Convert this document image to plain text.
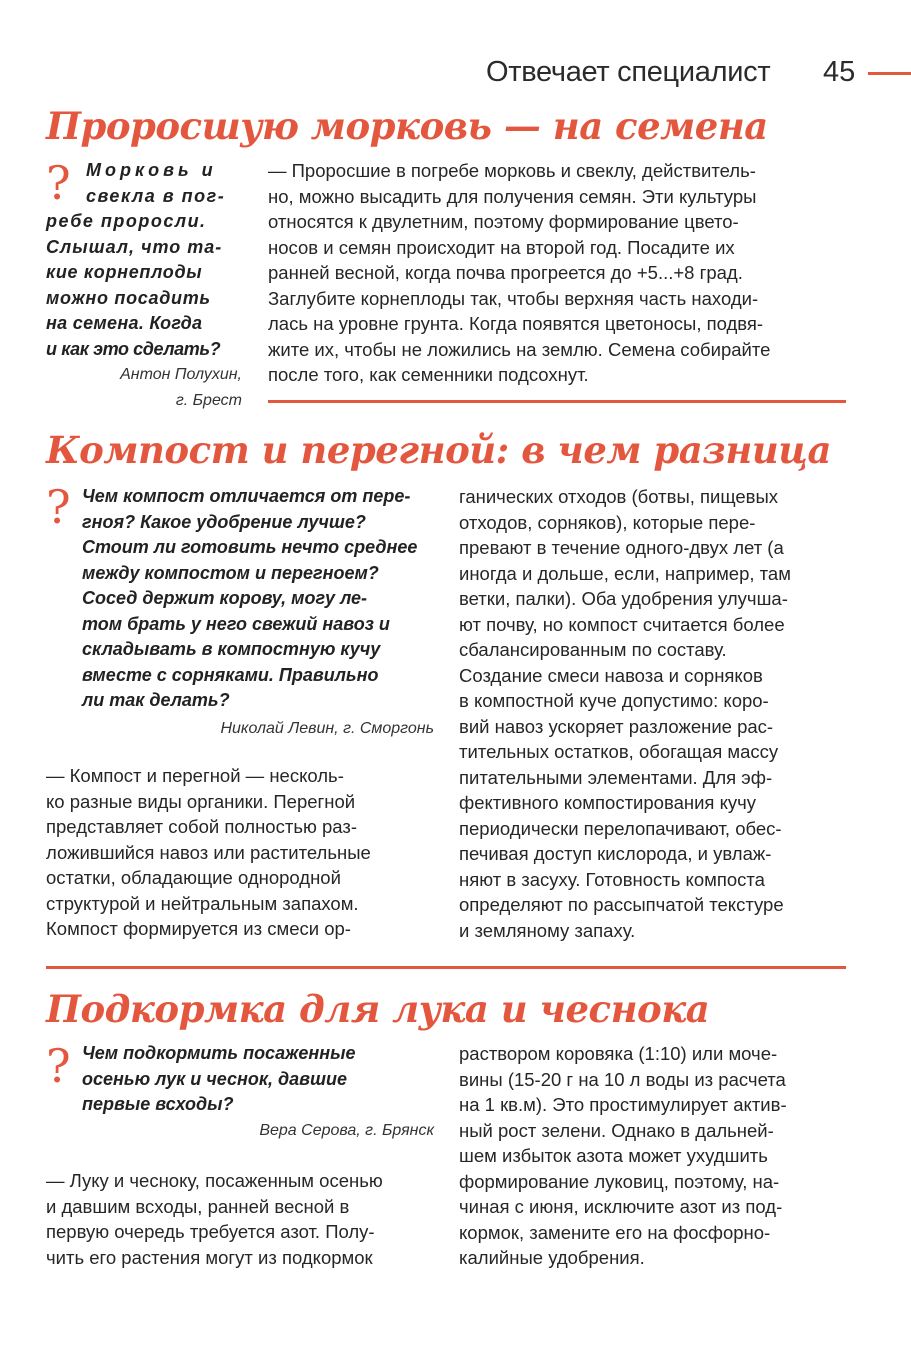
Отвечает специалист 45
Проросшую морковь — на семена
? Морковь и
свекла в пог-
ребе проросли.
Слышал, что та-
кие корнеплоды
можно посадить
на семена. Когда
и как это сделать?
Антон Полухин,
г. Брест
— Проросшие в погребе морковь и свеклу, действитель-
но, можно высадить для получения семян. Эти культуры
относятся к двулетним, поэтому формирование цвето-
носов и семян происходит на второй год. Посадите их
ранней весной, когда почва прогреется до +5...+8 град.
Заглубите корнеплоды так, чтобы верхняя часть находи-
лась на уровне грунта. Когда появятся цветоносы, подвя-
жите их, чтобы не ложились на землю. Семена собирайте
после того, как семенники подсохнут.
Компост и перегной: в чем разница
? Чем компост отличается от пере-
гноя? Какое удобрение лучше?
Стоит ли готовить нечто среднее
между компостом и перегноем?
Сосед держит корову, могу ле-
том брать у него свежий навоз и
складывать в компостную кучу
вместе с сорняками. Правильно
ли так делать?
Николай Левин, г. Сморгонь
— Компост и перегной — несколь-
ко разные виды органики. Перегной
представляет собой полностью раз-
ложившийся навоз или растительные
остатки, обладающие однородной
структурой и нейтральным запахом.
Компост формируется из смеси ор-
ганических отходов (ботвы, пищевых
отходов, сорняков), которые пере-
превают в течение одного-двух лет (а
иногда и дольше, если, например, там
ветки, палки). Оба удобрения улучша-
ют почву, но компост считается более
сбалансированным по составу.
Создание смеси навоза и сорняков
в компостной куче допустимо: коро-
вий навоз ускоряет разложение рас-
тительных остатков, обогащая массу
питательными элементами. Для эф-
фективного компостирования кучу
периодически перелопачивают, обес-
печивая доступ кислорода, и увлаж-
няют в засуху. Готовность компоста
определяют по рассыпчатой текстуре
и земляному запаху.
Подкормка для лука и чеснока
? Чем подкормить посаженные
осенью лук и чеснок, давшие
первые всходы?
Вера Серова, г. Брянск
— Луку и чесноку, посаженным осенью
и давшим всходы, ранней весной в
первую очередь требуется азот. Полу-
чить его растения могут из подкормок
раствором коровяка (1:10) или моче-
вины (15-20 г на 10 л воды из расчета
на 1 кв.м). Это простимулирует актив-
ный рост зелени. Однако в дальней-
шем избыток азота может ухудшить
формирование луковиц, поэтому, на-
чиная с июня, исключите азот из под-
кормок, замените его на фосфорно-
калийные удобрения.
